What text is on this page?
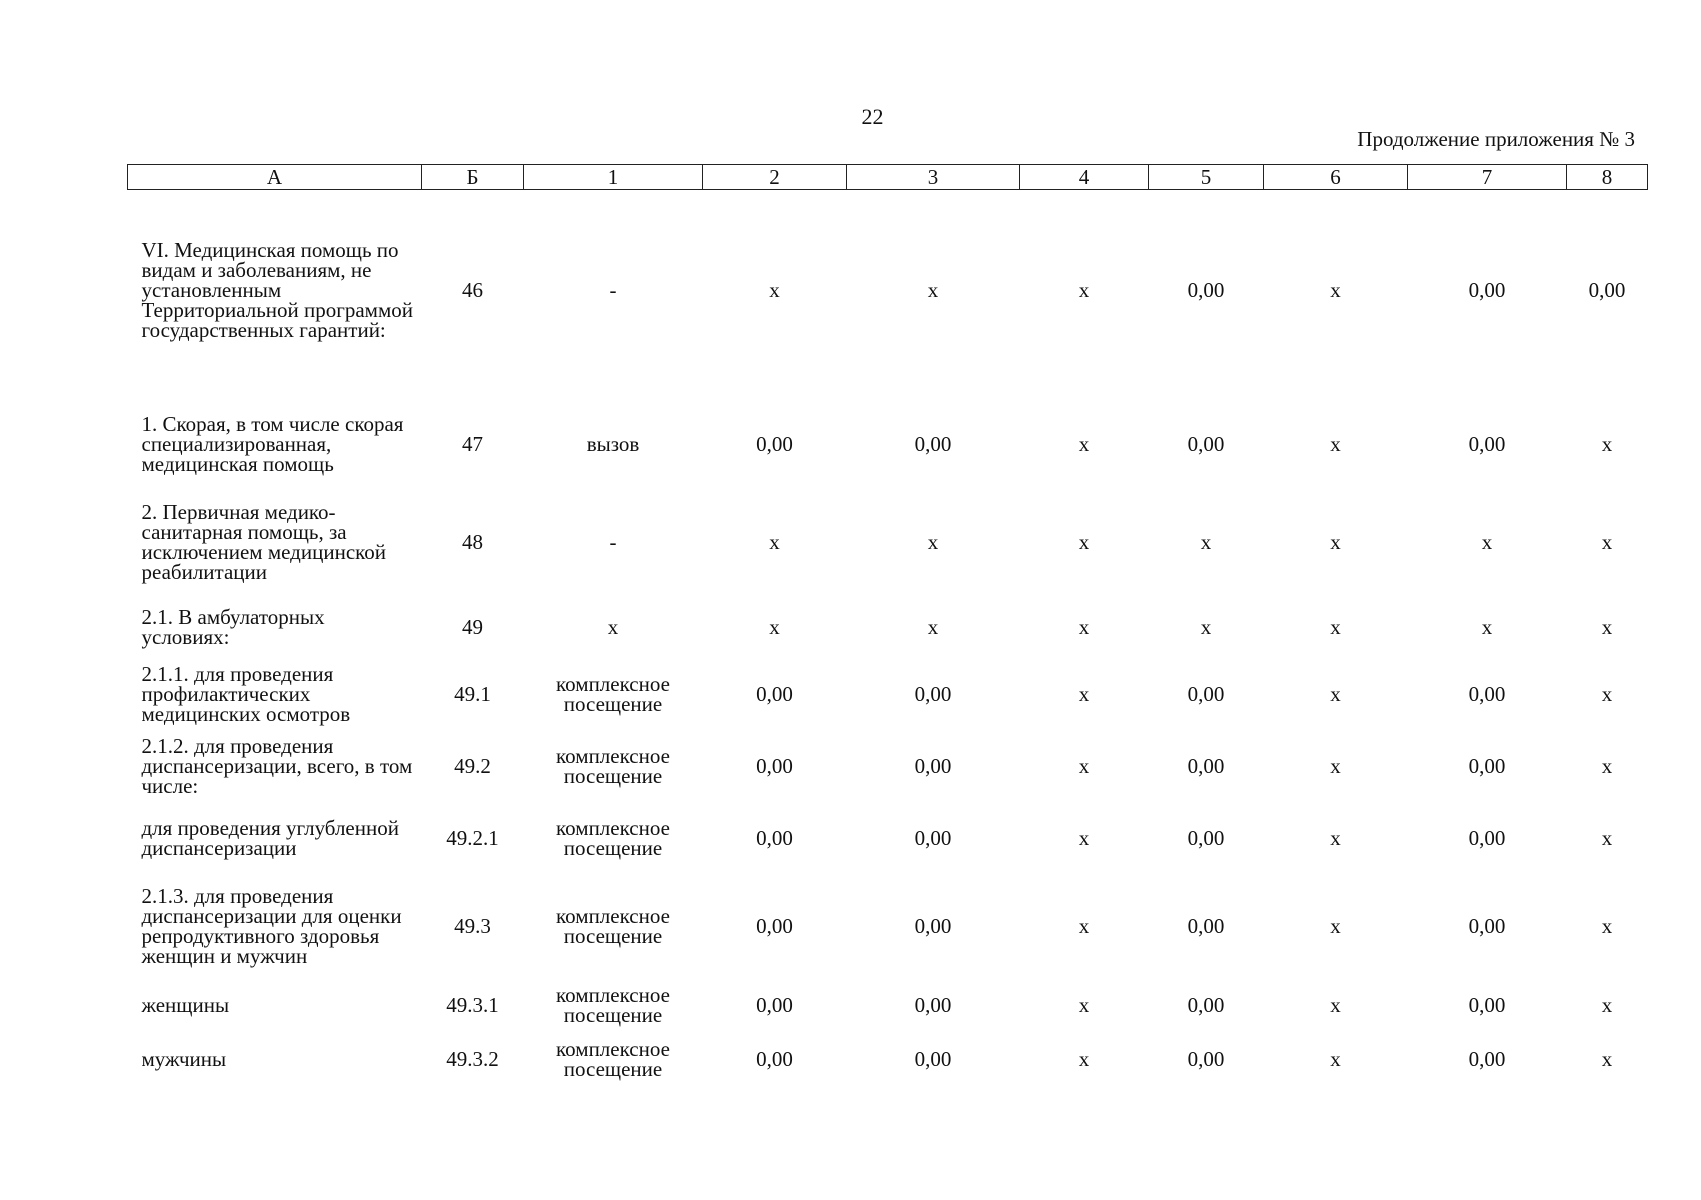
22
Продолжение приложения № 3
А	Б	1	2	3	4	5	6	7	8

VI. Медицинская помощь по видам и заболеваниям, не установленным Территориальной программой государственных гарантий:	46	-	х	х	х	0,00	х	0,00	0,00

1. Скорая, в том числе скорая специализированная, медицинская помощь	47	вызов	0,00	0,00	х	0,00	х	0,00	х
2. Первичная медико-санитарная помощь, за исключением медицинской реабилитации	48	-	х	х	х	х	х	х	х
2.1. В амбулаторных условиях:	49	х	х	х	х	х	х	х	х
2.1.1. для проведения профилактических медицинских осмотров	49.1	комплексное посещение	0,00	0,00	х	0,00	х	0,00	х
2.1.2. для проведения диспансеризации, всего, в том числе:	49.2	комплексное посещение	0,00	0,00	х	0,00	х	0,00	х
для проведения углубленной диспансеризации	49.2.1	комплексное посещение	0,00	0,00	х	0,00	х	0,00	х
2.1.3. для проведения диспансеризации для оценки репродуктивного здоровья женщин и мужчин	49.3	комплексное посещение	0,00	0,00	х	0,00	х	0,00	х
женщины	49.3.1	комплексное посещение	0,00	0,00	х	0,00	х	0,00	х
мужчины	49.3.2	комплексное посещение	0,00	0,00	х	0,00	х	0,00	х
